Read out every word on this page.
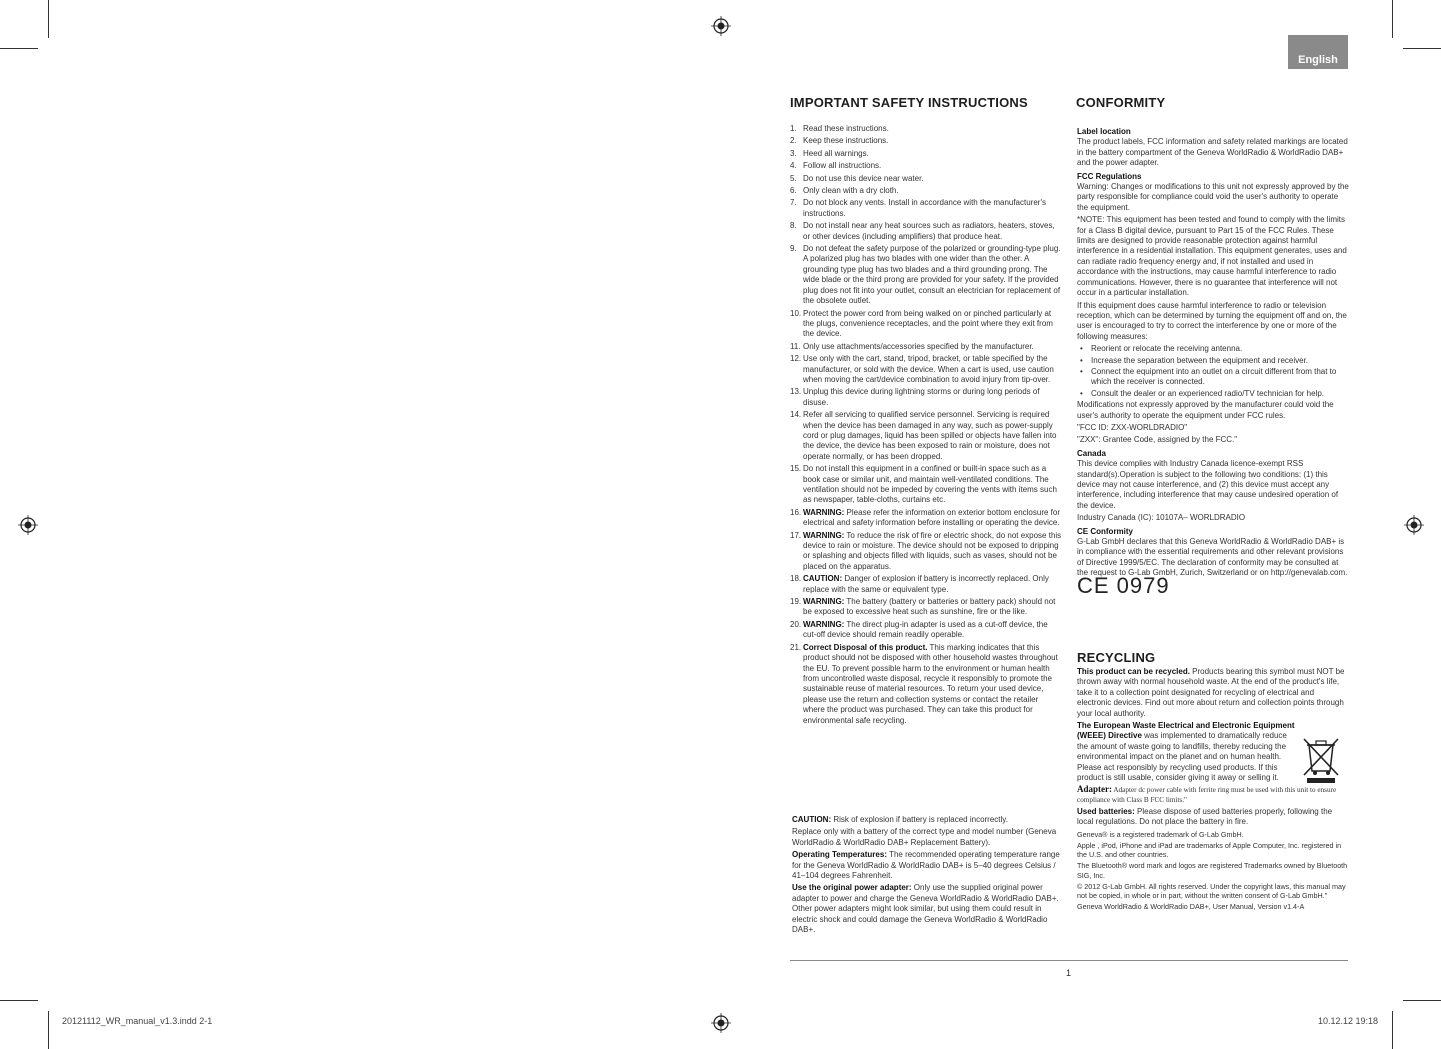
English
IMPORTANT SAFETY INSTRUCTIONS
1. Read these instructions.
2. Keep these instructions.
3. Heed all warnings.
4. Follow all instructions.
5. Do not use this device near water.
6. Only clean with a dry cloth.
7. Do not block any vents. Install in accordance with the manufacturer's instructions.
8. Do not install near any heat sources such as radiators, heaters, stoves, or other devices (including amplifiers) that produce heat.
9. Do not defeat the safety purpose of the polarized or grounding-type plug. A polarized plug has two blades with one wider than the other. A grounding type plug has two blades and a third grounding prong. The wide blade or the third prong are provided for your safety. If the provided plug does not fit into your outlet, consult an electrician for replacement of the obsolete outlet.
10. Protect the power cord from being walked on or pinched particularly at the plugs, convenience receptacles, and the point where they exit from the device.
11. Only use attachments/accessories specified by the manufacturer.
12. Use only with the cart, stand, tripod, bracket, or table specified by the manufacturer, or sold with the device. When a cart is used, use caution when moving the cart/device combination to avoid injury from tip-over.
13. Unplug this device during lightning storms or during long periods of disuse.
14. Refer all servicing to qualified service personnel. Servicing is required when the device has been damaged in any way, such as power-supply cord or plug damages, liquid has been spilled or objects have fallen into the device, the device has been exposed to rain or moisture, does not operate normally, or has been dropped.
15. Do not install this equipment in a confined or built-in space such as a book case or similar unit, and maintain well-ventilated conditions. The ventilation should not be impeded by covering the vents with items such as newspaper, table-cloths, curtains etc.
16. WARNING: Please refer the information on exterior bottom enclosure for electrical and safety information before installing or operating the device.
17. WARNING: To reduce the risk of fire or electric shock, do not expose this device to rain or moisture. The device should not be exposed to dripping or splashing and objects filled with liquids, such as vases, should not be placed on the apparatus.
18. CAUTION: Danger of explosion if battery is incorrectly replaced. Only replace with the same or equivalent type.
19. WARNING: The battery (battery or batteries or battery pack) should not be exposed to excessive heat such as sunshine, fire or the like.
20. WARNING: The direct plug-in adapter is used as a cut-off device, the cut-off device should remain readily operable.
21. Correct Disposal of this product. This marking indicates that this product should not be disposed with other household wastes throughout the EU. To prevent possible harm to the environment or human health from uncontrolled waste disposal, recycle it responsibly to promote the sustainable reuse of material resources. To return your used device, please use the return and collection systems or contact the retailer where the product was purchased. They can take this product for environmental safe recycling.

CAUTION: Risk of explosion if battery is replaced incorrectly.

Replace only with a battery of the correct type and model number (Geneva WorldRadio & WorldRadio DAB+ Replacement Battery).

Operating Temperatures: The recommended operating temperature range for the Geneva WorldRadio & WorldRadio DAB+ is 5–40 degrees Celsius / 41–104 degrees Fahrenheit.

Use the original power adapter: Only use the supplied original power adapter to power and charge the Geneva WorldRadio & WorldRadio DAB+. Other power adapters might look similar, but using them could result in electric shock and could damage the Geneva WorldRadio & WorldRadio DAB+.

CONFORMITY
Label location

The product labels, FCC information and safety related markings are located in the battery compartment of the Geneva WorldRadio & WorldRadio DAB+ and the power adapter.

FCC Regulations

Warning: Changes or modifications to this unit not expressly approved by the party responsible for compliance could void the user's authority to operate the equipment.

*NOTE: This equipment has been tested and found to comply with the limits for a Class B digital device, pursuant to Part 15 of the FCC Rules. These limits are designed to provide reasonable protection against harmful interference in a residential installation. This equipment generates, uses and can radiate radio frequency energy and, if not installed and used in accordance with the instructions, may cause harmful interference to radio communications. However, there is no guarantee that interference will not occur in a particular installation.

If this equipment does cause harmful interference to radio or television reception, which can be determined by turning the equipment off and on, the user is encouraged to try to correct the interference by one or more of the following measures:

• Reorient or relocate the receiving antenna.
• Increase the separation between the equipment and receiver.
• Connect the equipment into an outlet on a circuit different from that to which the receiver is connected.
• Consult the dealer or an experienced radio/TV technician for help.

Modifications not expressly approved by the manufacturer could void the user's authority to operate the equipment under FCC rules.

"FCC ID: ZXX-WORLDRADIO"

"ZXX": Grantee Code, assigned by the FCC."

Canada

This device complies with Industry Canada licence-exempt RSS standard(s).Operation is subject to the following two conditions: (1) this device may not cause interference, and (2) this device must accept any interference, including interference that may cause undesired operation of the device.

Industry Canada (IC): 10107A– WORLDRADIO

CE Conformity

G-Lab GmbH declares that this Geneva WorldRadio & WorldRadio DAB+ is in compliance with the essential requirements and other relevant provisions of Directive 1999/5/EC. The declaration of conformity may be consulted at the request to G-Lab GmbH, Zurich, Switzerland or on http://genevalab.com.

CE 0979
RECYCLING

This product can be recycled. Products bearing this symbol must NOT be thrown away with normal household waste. At the end of the product's life, take it to a collection point designated for recycling of electrical and electronic devices. Find out more about return and collection points through your local authority.

The European Waste Electrical and Electronic Equipment (WEEE) Directive was implemented to dramatically reduce the amount of waste going to landfills, thereby reducing the environmental impact on the planet and on human health. Please act responsibly by recycling used products. If this product is still usable, consider giving it away or selling it.

Adapter: Adapter dc power cable with ferrite ring must be used with this unit to ensure compliance with Class B FCC limits."

Used batteries: Please dispose of used batteries properly, following the local regulations. Do not place the battery in fire.

Geneva® is a registered trademark of G-Lab GmbH.

Apple , iPod, iPhone and iPad are trademarks of Apple Computer, Inc. registered in the U.S. and other countries.

The Bluetooth® word mark and logos are registered Trademarks owned by Bluetooth SIG, Inc.

© 2012 G-Lab GmbH. All rights reserved. Under the copyright laws, this manual may not be copied, in whole or in part, without the written consent of G-Lab GmbH."

Geneva WorldRadio & WorldRadio DAB+, User Manual, Version v1.4-A

1
20121112_WR_manual_v1.3.indd 2-1	10.12.12 19:18
